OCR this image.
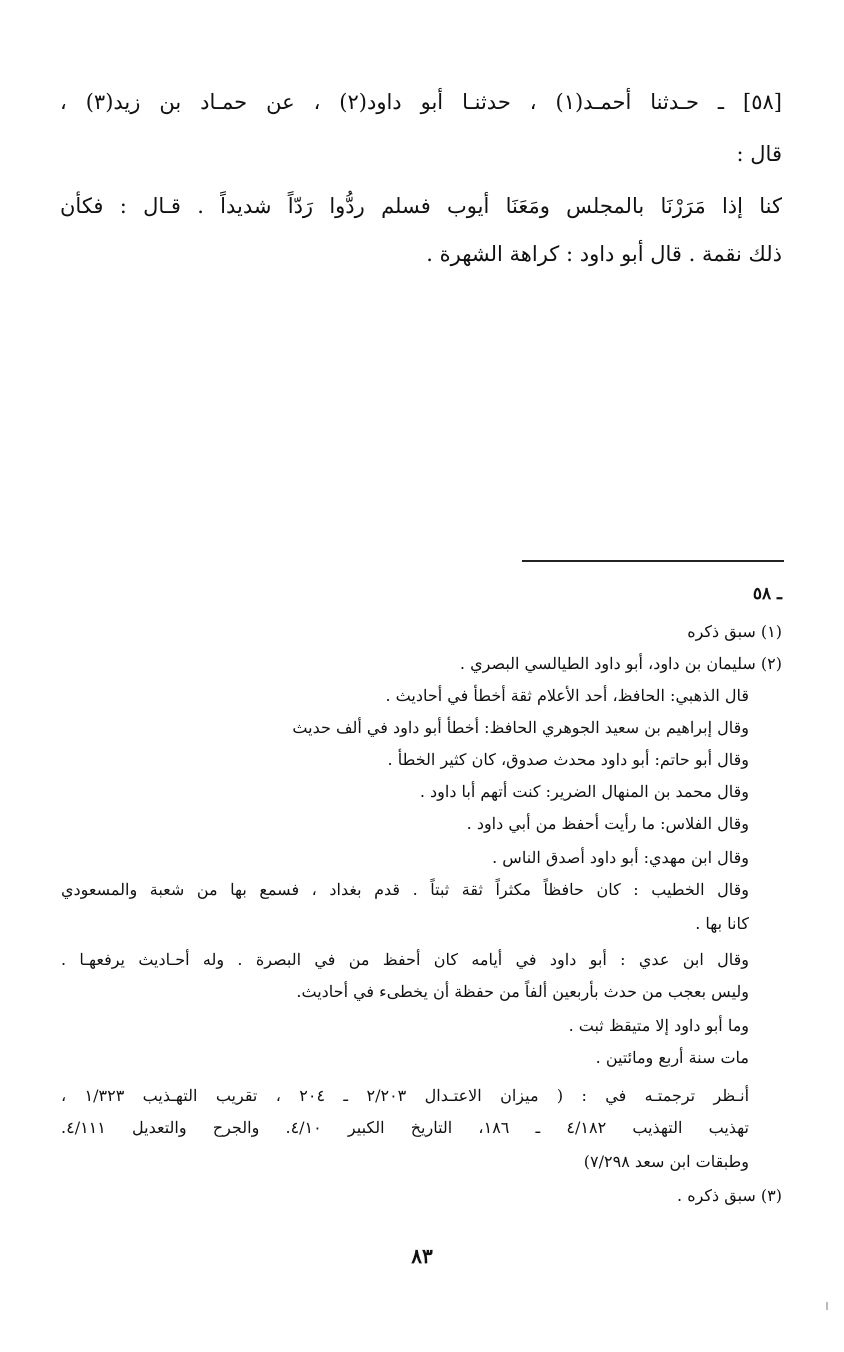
[٥٨] ـ حـدثنا أحمـد(١) ، حدثنـا أبو داود(٢) ، عن حمـاد بن زيد(٣) ،
قال :
كنا إذا مَرَرْنَا بالمجلس ومَعَنَا أيوب فسلم ردُّوا رَدّاً شديداً . قـال : فكأن
ذلك نقمة . قال أبو داود : كراهة الشهرة .
ـ ٥٨
(١) سبق ذكره
(٢) سليمان بن داود، أبو داود الطيالسي البصري .
قال الذهبي: الحافظ، أحد الأعلام ثقة أخطأ في أحاديث .
وقال إبراهيم بن سعيد الجوهري الحافظ: أخطأ أبو داود في ألف حديث
وقال أبو حاتم: أبو داود محدث صدوق، كان كثير الخطأ .
وقال محمد بن المنهال الضرير: كنت أتهم أبا داود .
وقال الفلاس: ما رأيت أحفظ من أبي داود .
وقال ابن مهدي: أبو داود أصدق الناس .
وقال الخطيب : كان حافظاً مكثراً ثقة ثبتاً . قدم بغداد ، فسمع بها من شعبة والمسعودي
كانا بها .
وقال ابن عدي : أبو داود في أيامه كان أحفظ من في البصرة . وله أحـاديث يرفعهـا .
وليس بعجب من حدث بأربعين ألفاً من حفظة أن يخطىء في أحاديث.
وما أبو داود إلا متيقظ ثبت .
مات سنة أربع ومائتين .
أنـظر ترجمتـه في : ( ميزان الاعتـدال ٢/٢٠٣ ـ ٢٠٤ ، تقريب التهـذيب ١/٣٢٣ ،
تهذيب التهذيب ٤/١٨٢ ـ ١٨٦، التاريخ الكبير ٤/١٠. والجرح والتعديل ٤/١١١.
وطبقات ابن سعد ٧/٢٩٨)
(٣) سبق ذكره .
٨٣
